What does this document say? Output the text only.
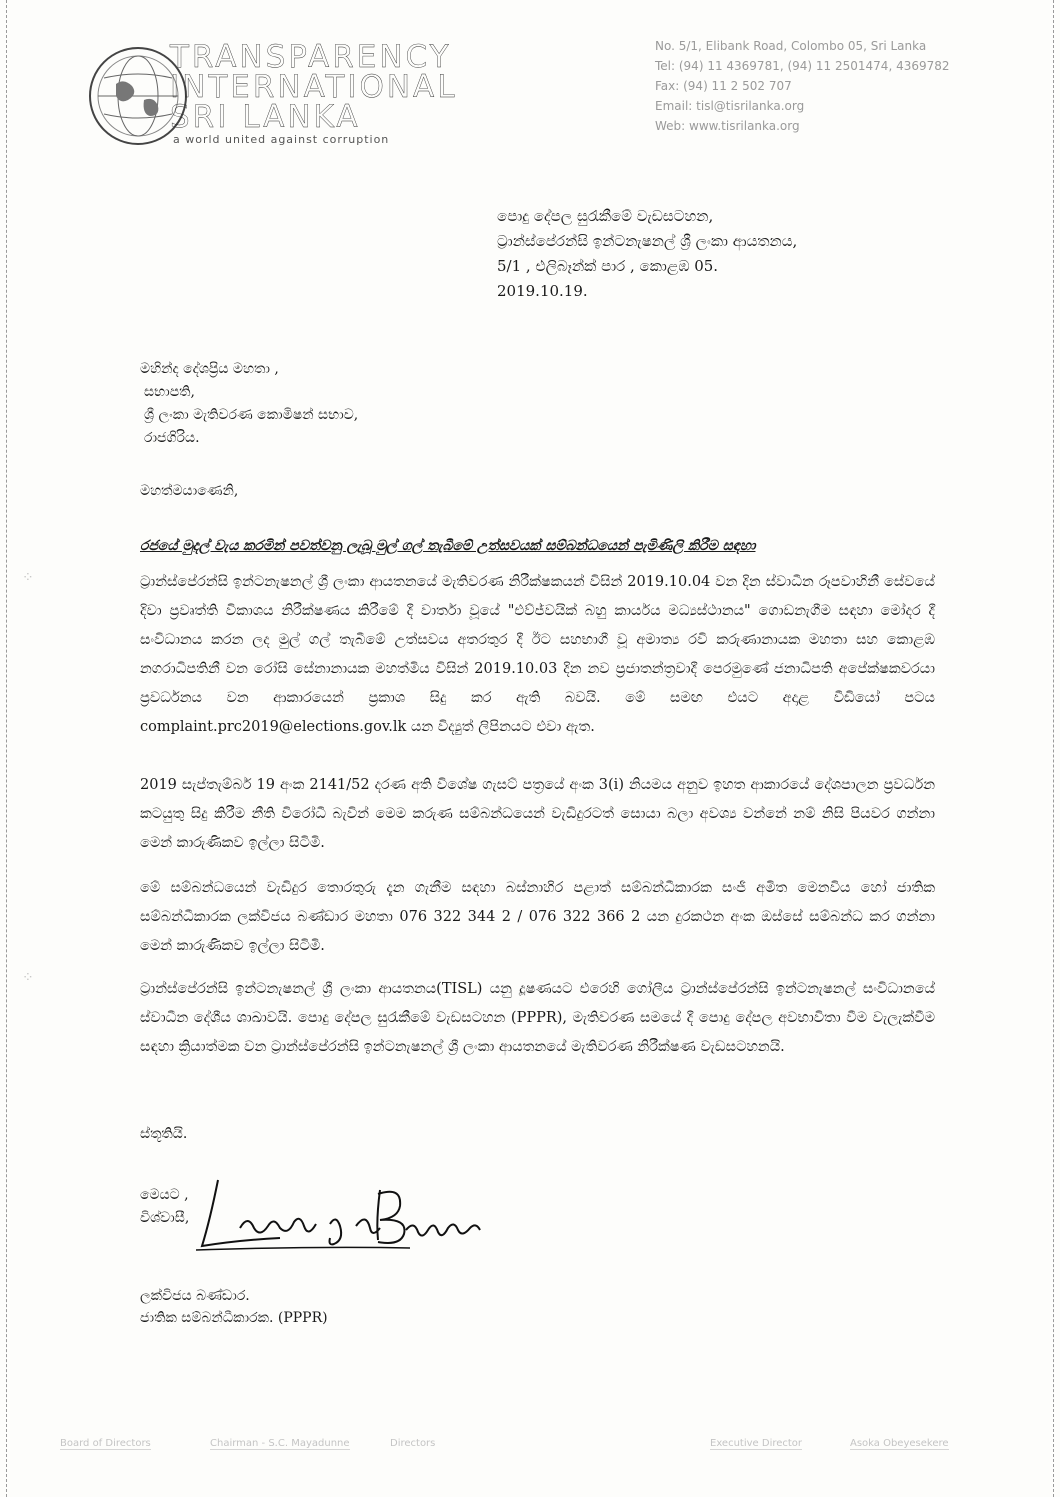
TRANSPARENCY
INTERNATIONAL
SRI LANKA
a world united against corruption
No. 5/1, Elibank Road, Colombo 05, Sri Lanka
Tel: (94) 11 4369781, (94) 11 2501474, 4369782
Fax: (94) 11 2 502 707
Email: tisl@tisrilanka.org
Web: www.tisrilanka.org
පොදු දේපල සුරැකීමේ වැඩසටහන,
ට්‍රාන්ස්පේරන්සි ඉන්ටනැෂනල් ශ්‍රී ලංකා ආයතනය,
5/1 , එලිබෑන්ක් පාර , කොළඹ 05.
2019.10.19.
මහින්ද දේශප්‍රිය මහතා ,
සභාපති,
ශ්‍රී ලංකා මැතිවරණ කොමිෂන් සභාව,
රාජගිරිය.
මහත්මයාණෙනි,
රජයේ මුදල් වැය කරමින් පවත්වනු ලැබූ මුල් ගල් තැබීමේ උත්සවයක් සම්බන්ධයෙන් පැමිණිලි කිරීම සඳහා
ට්‍රාන්ස්පේරන්සි ඉන්ටනැෂනල් ශ්‍රී ලංකා ආයතනයේ මැතිවරණ නිරීක්ෂකයන් විසින් 2019.10.04 වන දින ස්වාධීන රූපවාහිනී සේවයේ දිවා ප්‍රවෘත්ති විකාශය නිරීක්ෂණය කිරීමේ දී වාර්තා වූයේ "එව්ජ්වයික් බහු කාර්යය මධ්‍යස්ථානය" ගොඩනැගීම සඳහා මෝදර දී සංවිධානය කරන ලද මුල් ගල් තැබීමේ උත්සවය අතරතුර දී ඊට සහභාගී වූ අමාත්‍ය රවි කරුණානායක මහතා සහ කොළඹ නගරාධිපතිනී වන රෝසි සේනානායක මහත්මිය විසින් 2019.10.03 දින නව ප්‍රජාතන්ත්‍රවාදී පෙරමුණේ ජනාධිපති අපේක්ෂකවරයා ප්‍රවර්ධනය වන ආකාරයෙන් ප්‍රකාශ සිදු කර ඇති බවයි. මේ සමඟ එයට අදාළ වීඩියෝ පටය complaint.prc2019@elections.gov.lk යන විද්‍යුත් ලිපිනයට එවා ඇත.
2019 සැප්තැම්බර් 19 අංක 2141/52 දරණ අති විශේෂ ගැසට් පත්‍රයේ අංක 3(i) නියමය අනුව ඉහත ආකාරයේ දේශපාලන ප්‍රවර්ධන කටයුතු සිදු කිරීම නීති විරෝධී බැවින් මෙම කරුණ සම්බන්ධයෙන් වැඩිදුරටත් සොයා බලා අවශ්‍ය වන්නේ නම් නිසි පියවර ගන්නා මෙන් කාරුණිකව ඉල්ලා සිටිමි.
මේ සම්බන්ධයෙන් වැඩිදුර තොරතුරු දැන ගැනීම සඳහා බස්නාහිර පළාත් සම්බන්ධීකාරක සංජී අමිත මෙනවිය හෝ ජාතික සම්බන්ධීකාරක ලක්විජය බණ්ඩාර මහතා 076 322 344 2 / 076 322 366 2 යන දුරකථන අංක ඔස්සේ සම්බන්ධ කර ගන්නා මෙන් කාරුණිකව ඉල්ලා සිටිමි.
ට්‍රාන්ස්පේරන්සි ඉන්ටනැෂනල් ශ්‍රී ලංකා ආයතනය(TISL) යනු දූෂණයට එරෙහි ගෝලීය ට්‍රාන්ස්පේරන්සි ඉන්ටනැෂනල් සංවිධානයේ ස්වාධීන දේශීය ශාඛාවයි. පොදු දේපල සුරැකීමේ වැඩසටහන (PPPR), මැතිවරණ සමයේ දී පොදු දේපල අවභාවිතා වීම වැලැක්වීම සඳහා ක්‍රියාත්මක වන ට්‍රාන්ස්පේරන්සි ඉන්ටනැෂනල් ශ්‍රී ලංකා ආයතනයේ මැතිවරණ නිරීක්ෂණ වැඩසටහනයි.
⁘
⁘
ස්තූතියි.
මෙයට ,
විශ්වාසී,
ලක්විජය බණ්ඩාර.
ජාතික සම්බන්ධීකාරක. (PPPR)
Board of Directors	Chairman - S.C. Mayadunne	Directors	Executive Director	Asoka Obeyesekere
